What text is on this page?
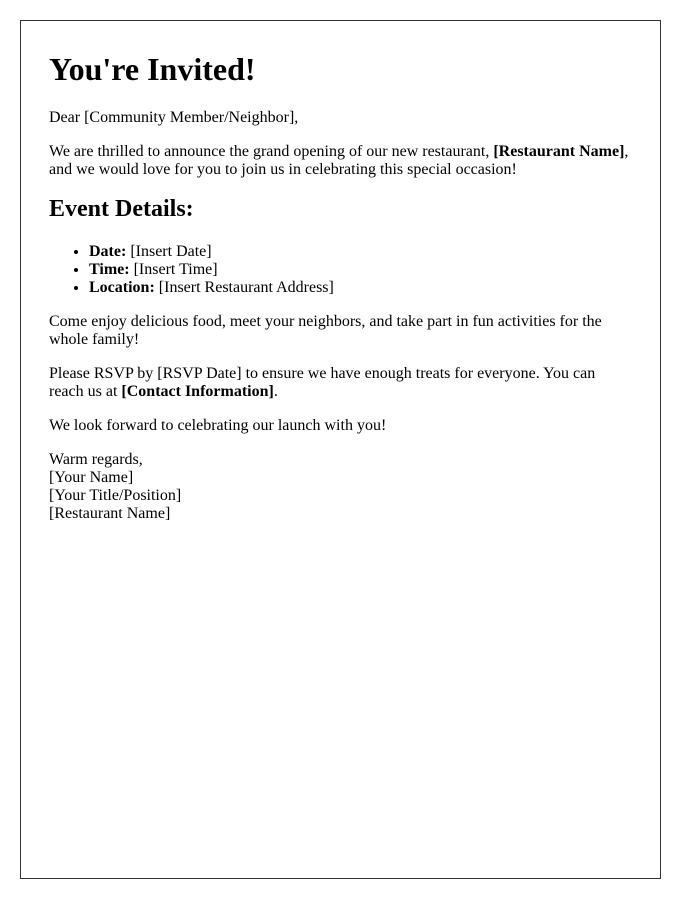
You're Invited!

Dear [Community Member/Neighbor],

We are thrilled to announce the grand opening of our new restaurant, [Restaurant Name], and we would love for you to join us in celebrating this special occasion!

Event Details:
• Date: [Insert Date]
• Time: [Insert Time]
• Location: [Insert Restaurant Address]

Come enjoy delicious food, meet your neighbors, and take part in fun activities for the whole family!

Please RSVP by [RSVP Date] to ensure we have enough treats for everyone. You can reach us at [Contact Information].

We look forward to celebrating our launch with you!

Warm regards,
[Your Name]
[Your Title/Position]
[Restaurant Name]
